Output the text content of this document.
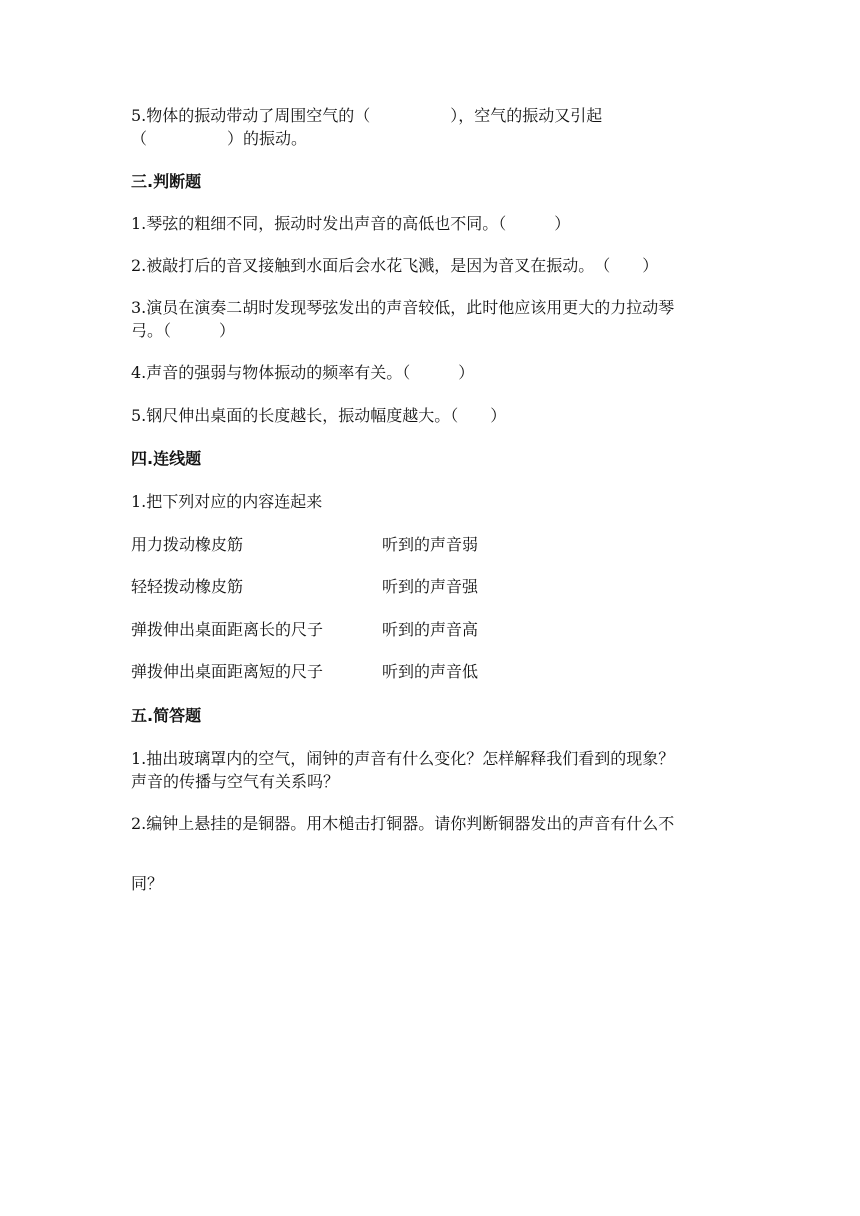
5.物体的振动带动了周围空气的（　　　　　），空气的振动又引起
（　　　　　）的振动。
三.判断题
1.琴弦的粗细不同，振动时发出声音的高低也不同。（　　　）
2.被敲打后的音叉接触到水面后会水花飞溅，是因为音叉在振动。　（　　）
3.演员在演奏二胡时发现琴弦发出的声音较低，此时他应该用更大的力拉动琴
弓。（　　　）
4.声音的强弱与物体振动的频率有关。（　　　）
5.钢尺伸出桌面的长度越长，振动幅度越大。（　　）
四.连线题
1.把下列对应的内容连起来
用力拨动橡皮筋	听到的声音弱
轻轻拨动橡皮筋	听到的声音强
弹拨伸出桌面距离长的尺子	听到的声音高
弹拨伸出桌面距离短的尺子	听到的声音低
五.简答题
1.抽出玻璃罩内的空气，闹钟的声音有什么变化？怎样解释我们看到的现象？
声音的传播与空气有关系吗？
2.编钟上悬挂的是铜器。用木槌击打铜器。请你判断铜器发出的声音有什么不
同？
